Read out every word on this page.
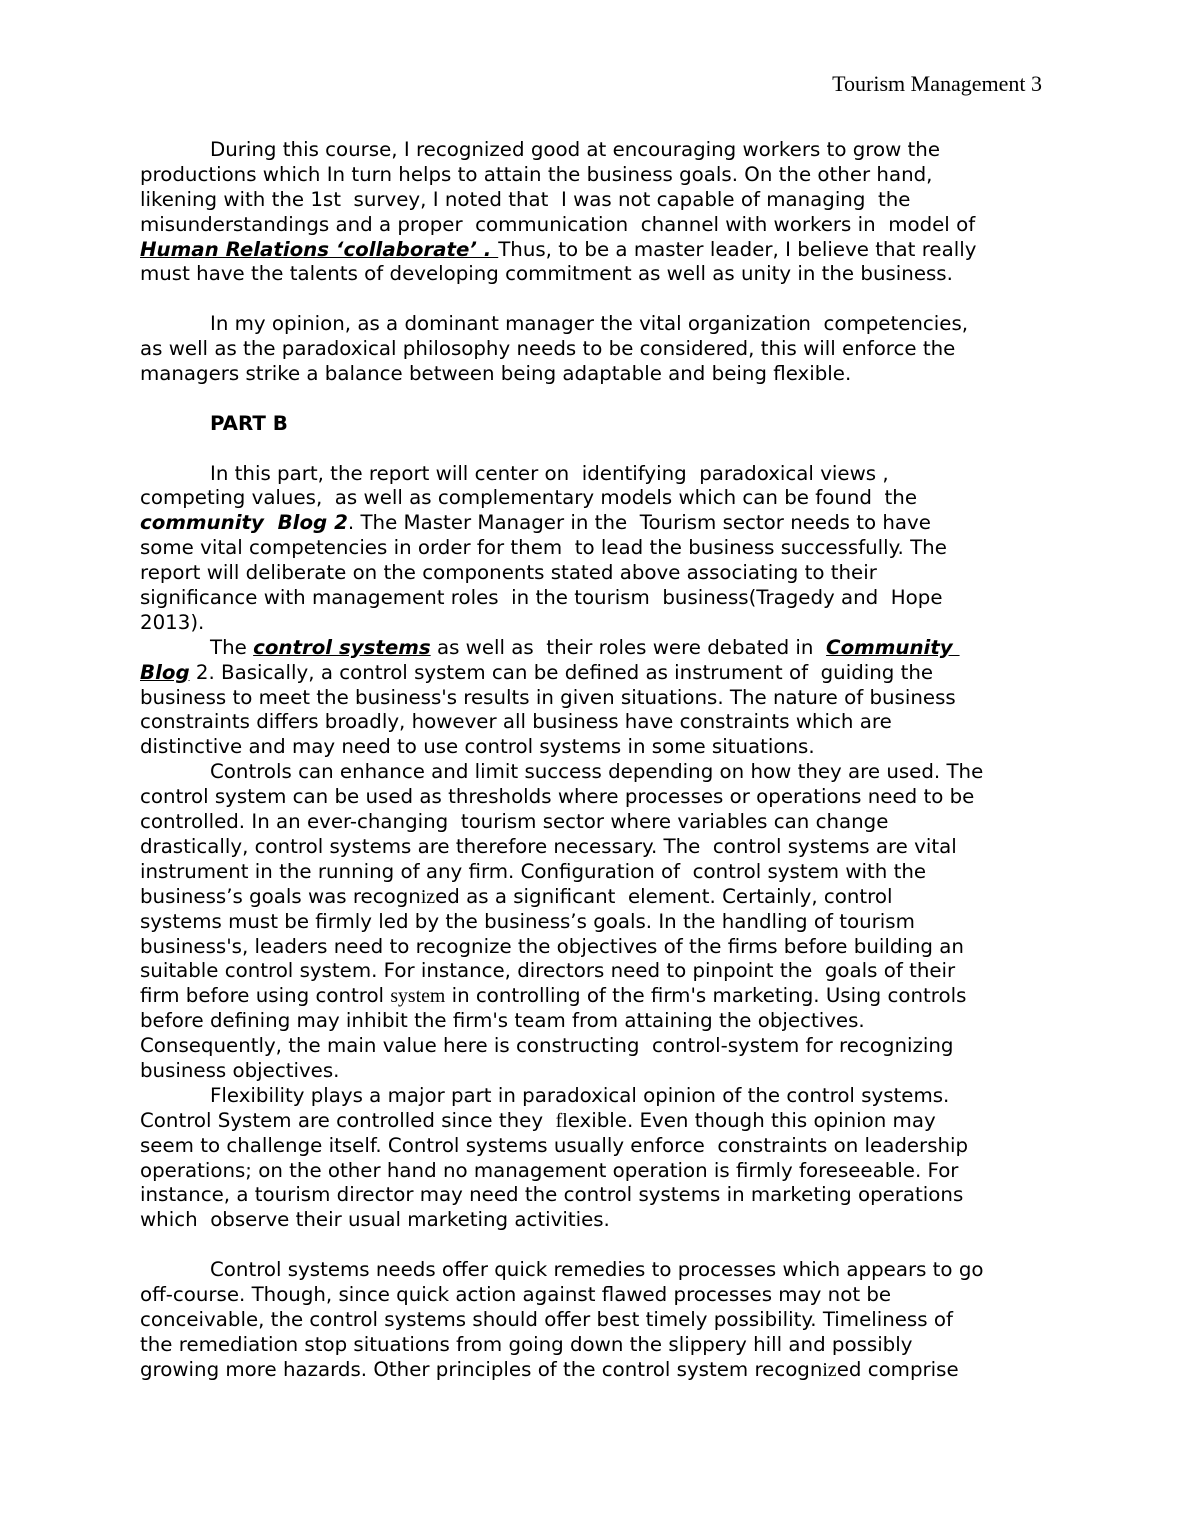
Tourism Management 3
During this course, I recognized good at encouraging workers to grow the
productions which In turn helps to attain the business goals. On the other hand,
likening with the 1st  survey, I noted that  I was not capable of managing  the
misunderstandings and a proper  communication  channel with workers in  model of
Human Relations ‘collaborate’ . Thus, to be a master leader, I believe that really
must have the talents of developing commitment as well as unity in the business.
In my opinion, as a dominant manager the vital organization  competencies,
as well as the paradoxical philosophy needs to be considered, this will enforce the
managers strike a balance between being adaptable and being flexible.
PART B
In this part, the report will center on  identifying  paradoxical views ,
competing values,  as well as complementary models which can be found  the
community  Blog 2. The Master Manager in the  Tourism sector needs to have
some vital competencies in order for them  to lead the business successfully. The
report will deliberate on the components stated above associating to their
significance with management roles  in the tourism  business(Tragedy and  Hope
2013).
The control systems as well as  their roles were debated in  Community
Blog 2. Basically, a control system can be defined as instrument of  guiding the
business to meet the business's results in given situations. The nature of business
constraints differs broadly, however all business have constraints which are
distinctive and may need to use control systems in some situations.
Controls can enhance and limit success depending on how they are used. The
control system can be used as thresholds where processes or operations need to be
controlled. In an ever-changing  tourism sector where variables can change
drastically, control systems are therefore necessary. The  control systems are vital
instrument in the running of any firm. Configuration of  control system with the
business’s goals was recognized as a significant  element. Certainly, control
systems must be firmly led by the business’s goals. In the handling of tourism
business's, leaders need to recognize the objectives of the firms before building an
suitable control system. For instance, directors need to pinpoint the  goals of their
firm before using control system in controlling of the firm's marketing. Using controls
before defining may inhibit the firm's team from attaining the objectives.
Consequently, the main value here is constructing  control-system for recognizing
business objectives.
Flexibility plays a major part in paradoxical opinion of the control systems.
Control System are controlled since they  flexible. Even though this opinion may
seem to challenge itself. Control systems usually enforce  constraints on leadership
operations; on the other hand no management operation is firmly foreseeable. For
instance, a tourism director may need the control systems in marketing operations
which  observe their usual marketing activities.
Control systems needs offer quick remedies to processes which appears to go
off-course. Though, since quick action against flawed processes may not be
conceivable, the control systems should offer best timely possibility. Timeliness of
the remediation stop situations from going down the slippery hill and possibly
growing more hazards. Other principles of the control system recognized comprise
